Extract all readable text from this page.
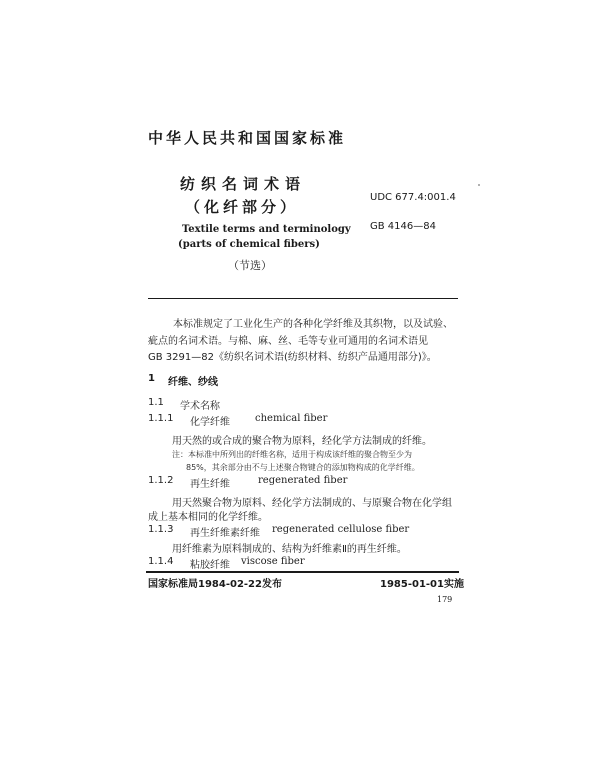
中华人民共和国国家标准
纺织名词术语
（化纤部分）
UDC 677.4:001.4
GB 4146—84
Textile terms and terminology
(parts of chemical fibers)
（节选）
本标准规定了工业化生产的各种化学纤维及其织物，以及试验、
疵点的名词术语。与棉、麻、丝、毛等专业可通用的名词术语见
GB 3291—82《纺织名词术语(纺织材料、纺织产品通用部分)》。
1 纤维、纱线
1.1 学术名称
1.1.1 化学纤维	chemical fiber
用天然的或合成的聚合物为原料，经化学方法制成的纤维。
注：本标准中所列出的纤维名称，适用于构成该纤维的聚合物至少为
85%，其余部分由不与上述聚合物键合的添加物构成的化学纤维。
1.1.2 再生纤维	regenerated fiber
用天然聚合物为原料、经化学方法制成的、与原聚合物在化学组
成上基本相同的化学纤维。
1.1.3 再生纤维素纤维 regenerated cellulose fiber
用纤维素为原料制成的、结构为纤维素Ⅱ的再生纤维。
1.1.4 粘胶纤维 viscose fiber
国家标准局1984-02-22发布	1985-01-01实施
179
